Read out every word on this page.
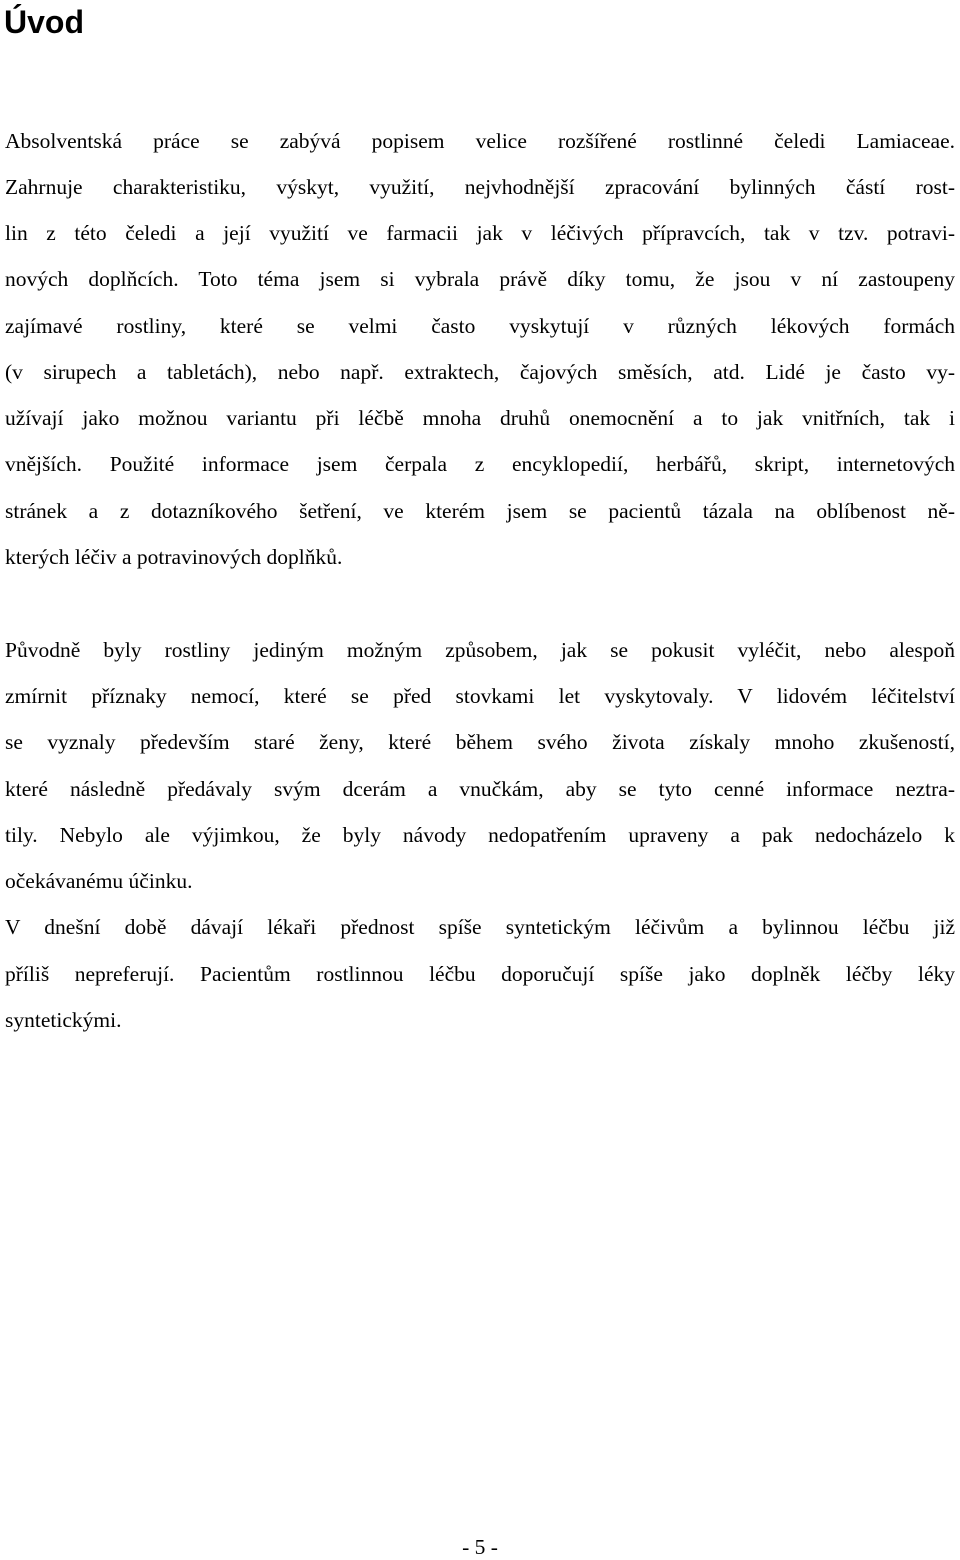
Úvod
Absolventská práce se zabývá popisem velice rozšířené rostlinné čeledi Lamiaceae.
Zahrnuje charakteristiku, výskyt, využití, nejvhodnější zpracování bylinných částí rost-
lin z této čeledi a její využití ve farmacii jak v léčivých přípravcích, tak v tzv. potravi-
nových doplňcích. Toto téma jsem si vybrala právě díky tomu, že jsou v ní zastoupeny
zajímavé rostliny, které se velmi často vyskytují v různých lékových formách
(v sirupech a tabletách), nebo např. extraktech, čajových směsích, atd. Lidé je často vy-
užívají jako možnou variantu při léčbě mnoha druhů onemocnění a to jak vnitřních, tak i
vnějších. Použité informace jsem čerpala z encyklopedií, herbářů, skript, internetových
stránek a z dotazníkového šetření, ve kterém jsem se pacientů tázala na oblíbenost ně-
kterých léčiv a potravinových doplňků.
Původně byly rostliny jediným možným způsobem, jak se pokusit vyléčit, nebo alespoň
zmírnit příznaky nemocí, které se před stovkami let vyskytovaly. V lidovém léčitelství
se vyznaly především staré ženy, které během svého života získaly mnoho zkušeností,
které následně předávaly svým dcerám a vnučkám, aby se tyto cenné informace neztra-
tily. Nebylo ale výjimkou, že byly návody nedopatřením upraveny a pak nedocházelo k
očekávanému účinku.
V dnešní době dávají lékaři přednost spíše syntetickým léčivům a bylinnou léčbu již
příliš nepreferují. Pacientům rostlinnou léčbu doporučují spíše jako doplněk léčby léky
syntetickými.
- 5 -
